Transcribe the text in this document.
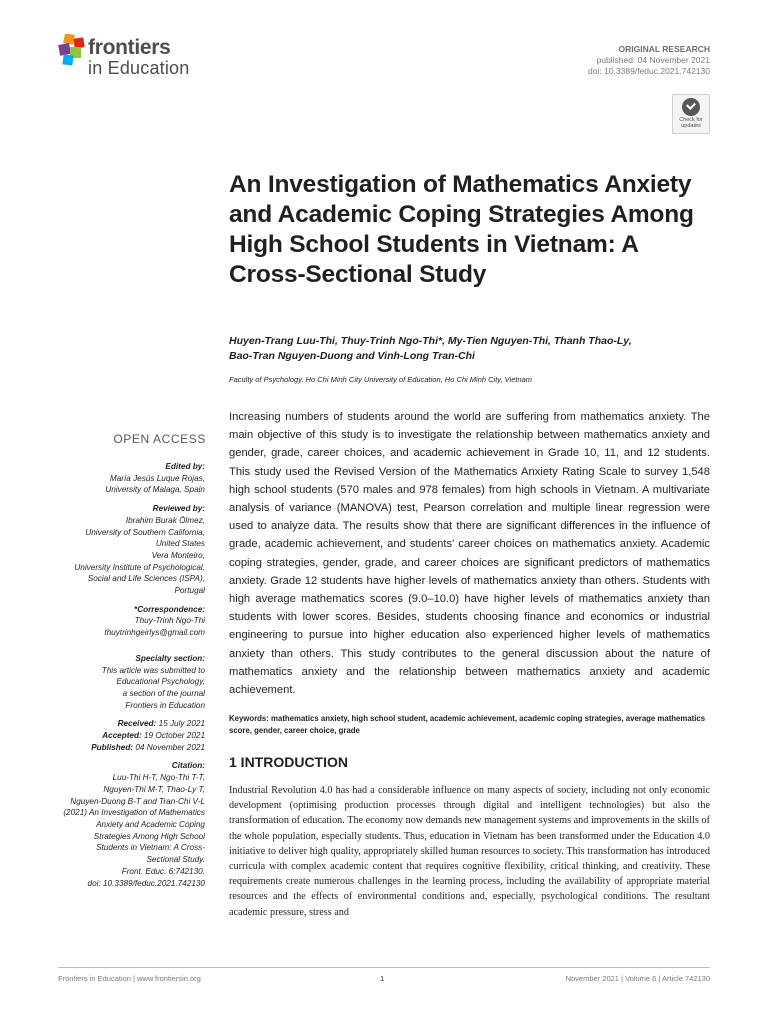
frontiers
in Education
ORIGINAL RESEARCH
published: 04 November 2021
doi: 10.3389/feduc.2021.742130
Check for
updates
An Investigation of Mathematics Anxiety and Academic Coping Strategies Among High School Students in Vietnam: A Cross-Sectional Study
Huyen-Trang Luu-Thi, Thuy-Trinh Ngo-Thi*, My-Tien Nguyen-Thi, Thanh Thao-Ly,
Bao-Tran Nguyen-Duong and Vinh-Long Tran-Chi
Faculty of Psychology, Ho Chi Minh City University of Education, Ho Chi Minh City, Vietnam
OPEN ACCESS
Edited by:
María Jesús Luque Rojas,
University of Malaga, Spain
Reviewed by:
Ibrahim Burak Ölmez,
University of Southern California,
United States
Vera Monteiro,
University Institute of Psychological,
Social and Life Sciences (ISPA),
Portugal
*Correspondence:
Thuy-Trinh Ngo-Thi
thuytrinhgeirlys@gmail.com
Specialty section:
This article was submitted to
Educational Psychology,
a section of the journal
Frontiers in Education
Received: 15 July 2021
Accepted: 19 October 2021
Published: 04 November 2021
Citation:
Luu-Thi H-T, Ngo-Thi T-T,
Nguyen-Thi M-T, Thao-Ly T,
Nguyen-Duong B-T and Tran-Chi V-L
(2021) An Investigation of Mathematics
Anxiety and Academic Coping
Strategies Among High School
Students in Vietnam: A Cross-
Sectional Study.
Front. Educ. 6:742130.
doi: 10.3389/feduc.2021.742130

Increasing numbers of students around the world are suffering from mathematics anxiety. The main objective of this study is to investigate the relationship between mathematics anxiety and gender, grade, career choices, and academic achievement in Grade 10, 11, and 12 students. This study used the Revised Version of the Mathematics Anxiety Rating Scale to survey 1,548 high school students (570 males and 978 females) from high schools in Vietnam. A multivariate analysis of variance (MANOVA) test, Pearson correlation and multiple linear regression were used to analyze data. The results show that there are significant differences in the influence of grade, academic achievement, and students' career choices on mathematics anxiety. Academic coping strategies, gender, grade, and career choices are significant predictors of mathematics anxiety. Grade 12 students have higher levels of mathematics anxiety than others. Students with high average mathematics scores (9.0–10.0) have higher levels of mathematics anxiety than students with lower scores. Besides, students choosing finance and economics or industrial engineering to pursue into higher education also experienced higher levels of mathematics anxiety than others. This study contributes to the general discussion about the nature of mathematics anxiety and the relationship between mathematics anxiety and academic achievement.

Keywords: mathematics anxiety, high school student, academic achievement, academic coping strategies, average mathematics score, gender, career choice, grade
1 INTRODUCTION

Industrial Revolution 4.0 has had a considerable influence on many aspects of society, including not only economic development (optimising production processes through digital and intelligent technologies) but also the transformation of education. The economy now demands new management systems and improvements in the skills of the whole population, especially students. Thus, education in Vietnam has been transformed under the Education 4.0 initiative to deliver high quality, appropriately skilled human resources to society. This transformation has introduced curricula with complex academic content that requires cognitive flexibility, critical thinking, and creativity. These requirements create numerous challenges in the learning process, including the availability of appropriate material resources and the effects of environmental conditions and, especially, psychological conditions. The resultant academic pressure, stress and

Frontiers in Education | www.frontiersin.org	1	November 2021 | Volume 6 | Article 742130
